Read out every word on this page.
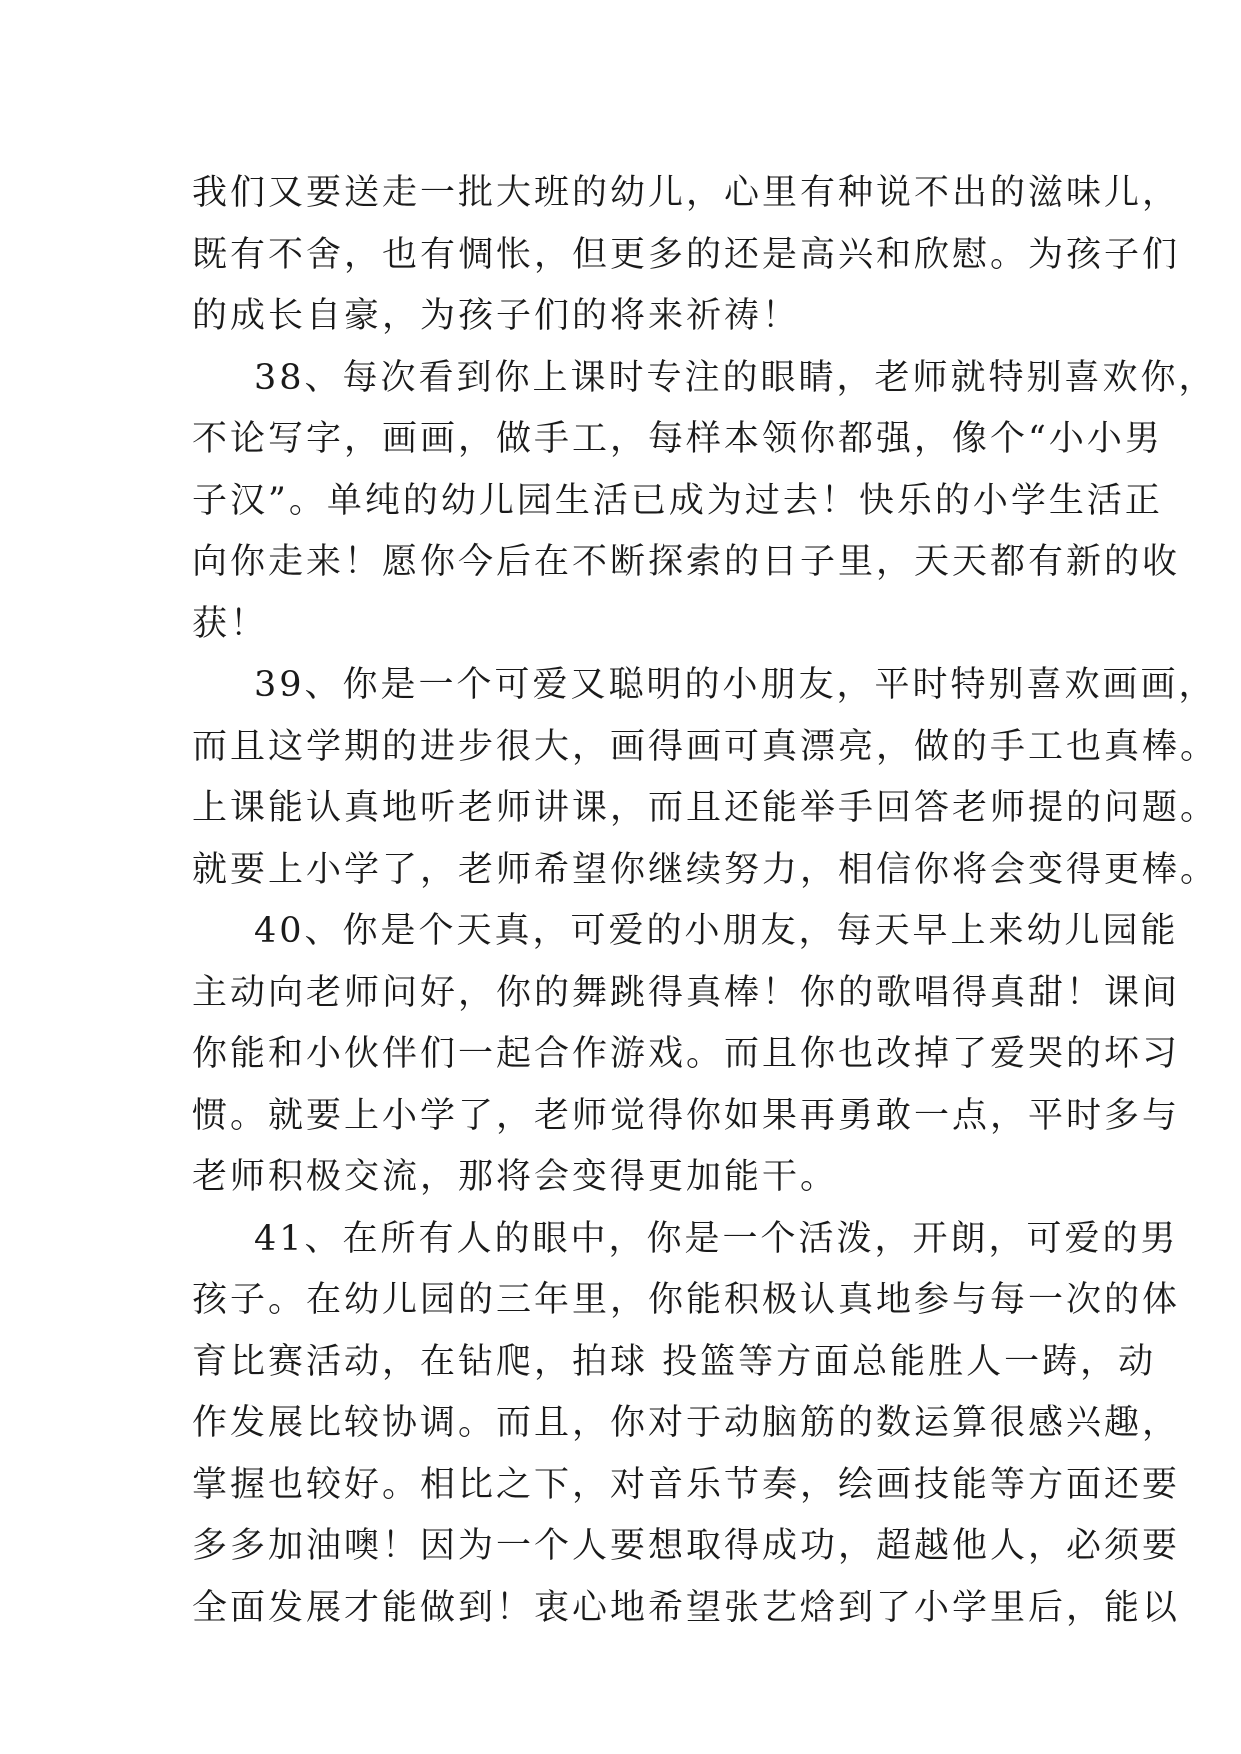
我们又要送走一批大班的幼儿，心里有种说不出的滋味儿，
既有不舍，也有惆怅，但更多的还是高兴和欣慰。为孩子们
的成长自豪，为孩子们的将来祈祷！
38、每次看到你上课时专注的眼睛，老师就特别喜欢你，
不论写字，画画，做手工，每样本领你都强，像个“小小男
子汉”。单纯的幼儿园生活已成为过去！快乐的小学生活正
向你走来！愿你今后在不断探索的日子里，天天都有新的收
获！
39、你是一个可爱又聪明的小朋友，平时特别喜欢画画，
而且这学期的进步很大，画得画可真漂亮，做的手工也真棒。
上课能认真地听老师讲课，而且还能举手回答老师提的问题。
就要上小学了，老师希望你继续努力，相信你将会变得更棒。
40、你是个天真，可爱的小朋友，每天早上来幼儿园能
主动向老师问好，你的舞跳得真棒！你的歌唱得真甜！课间
你能和小伙伴们一起合作游戏。而且你也改掉了爱哭的坏习
惯。就要上小学了，老师觉得你如果再勇敢一点，平时多与
老师积极交流，那将会变得更加能干。
41、在所有人的眼中，你是一个活泼，开朗，可爱的男
孩子。在幼儿园的三年里，你能积极认真地参与每一次的体
育比赛活动，在钻爬，拍球 投篮等方面总能胜人一踌，动
作发展比较协调。而且，你对于动脑筋的数运算很感兴趣，
掌握也较好。相比之下，对音乐节奏，绘画技能等方面还要
多多加油噢！因为一个人要想取得成功，超越他人，必须要
全面发展才能做到！衷心地希望张艺焓到了小学里后，能以
